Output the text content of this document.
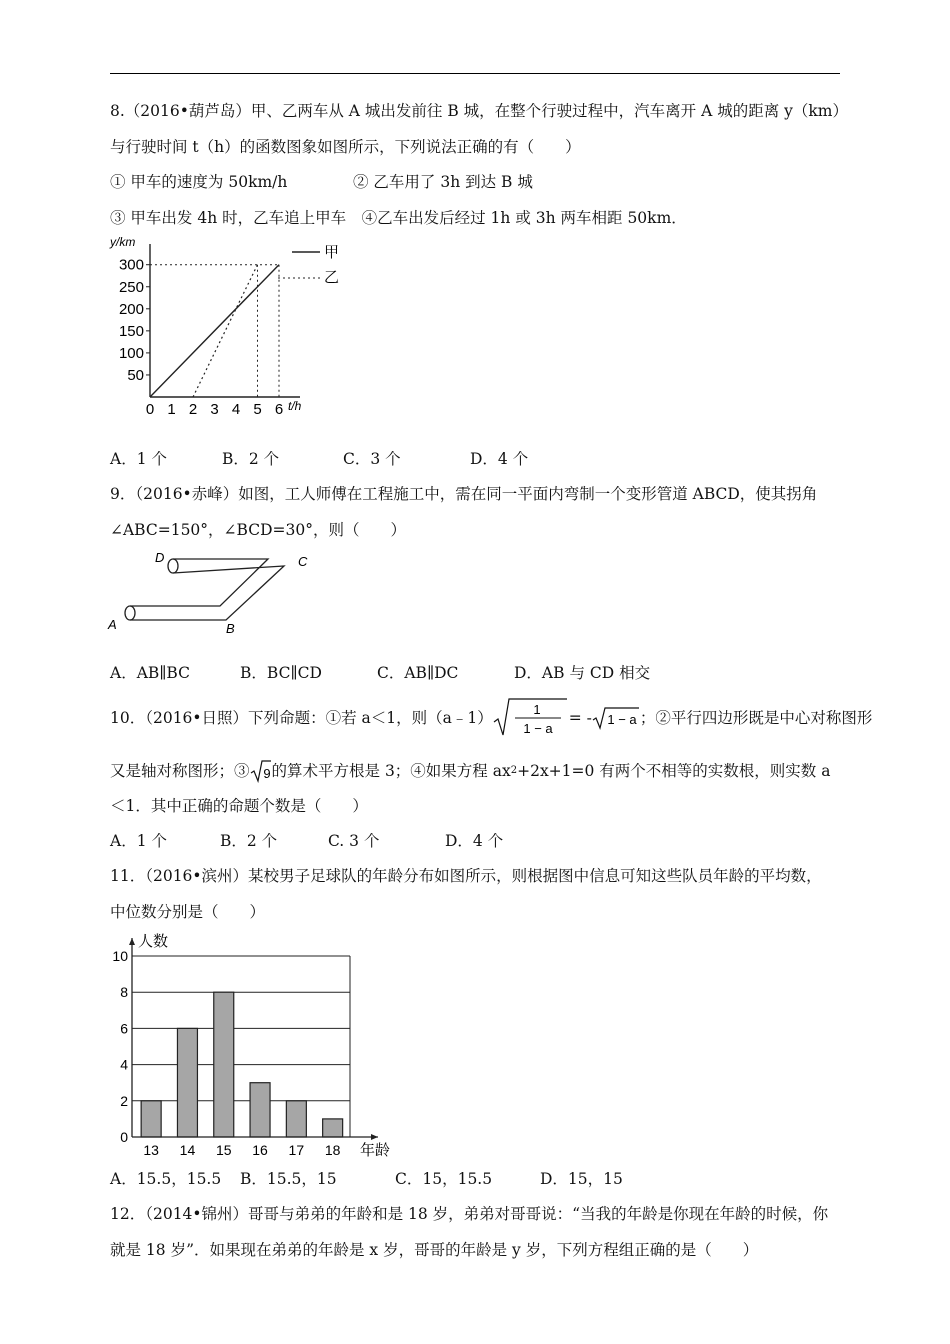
8.（2016•葫芦岛）甲、乙两车从 A 城出发前往 B 城，在整个行驶过程中，汽车离开 A 城的距离 y（km）
与行驶时间 t（h）的函数图象如图所示，下列说法正确的有（　　）
① 甲车的速度为 50km/h	② 乙车用了 3h 到达 B 城
③ 甲车出发 4h 时，乙车追上甲车　④乙车出发后经过 1h 或 3h 两车相距 50km．
y/km
t/h
0 1 2 3 4 5 6
50
100
150
200
250
300
甲
乙
A．1 个	B．2 个	C．3 个	D．4 个
9．（2016•赤峰）如图，工人师傅在工程施工中，需在同一平面内弯制一个变形管道 ABCD，使其拐角
∠ABC=150°，∠BCD=30°，则（　　）
A	B
C
D
A．AB∥BC	B．BC∥CD	C．AB∥DC	D．AB 与 CD 相交
10．（2016•日照）下列命题：①若 a＜1，则（a﹣1）	1
1 − a
= - 1 − a ；②平行四边形既是中心对称图形
又是轴对称图形；③ 9 的算术平方根是 3；④如果方程 ax 2 +2x+1=0 有两个不相等的实数根，则实数 a
＜1．其中正确的命题个数是（　　）
A．1 个	B．2 个	C. 3 个	D．4 个
11．（2016•滨州）某校男子足球队的年龄分布如图所示，则根据图中信息可知这些队员年龄的平均数，
中位数分别是（　　）
0
2
4
6
8
10
13 14 15 16 17 18
人数
年龄
A．15.5，15.5 B．15.5，15	C．15，15.5	D．15，15
12．（2014•锦州）哥哥与弟弟的年龄和是 18 岁，弟弟对哥哥说：“当我的年龄是你现在年龄的时候，你
就是 18 岁”．如果现在弟弟的年龄是 x 岁，哥哥的年龄是 y 岁，下列方程组正确的是（　　）
